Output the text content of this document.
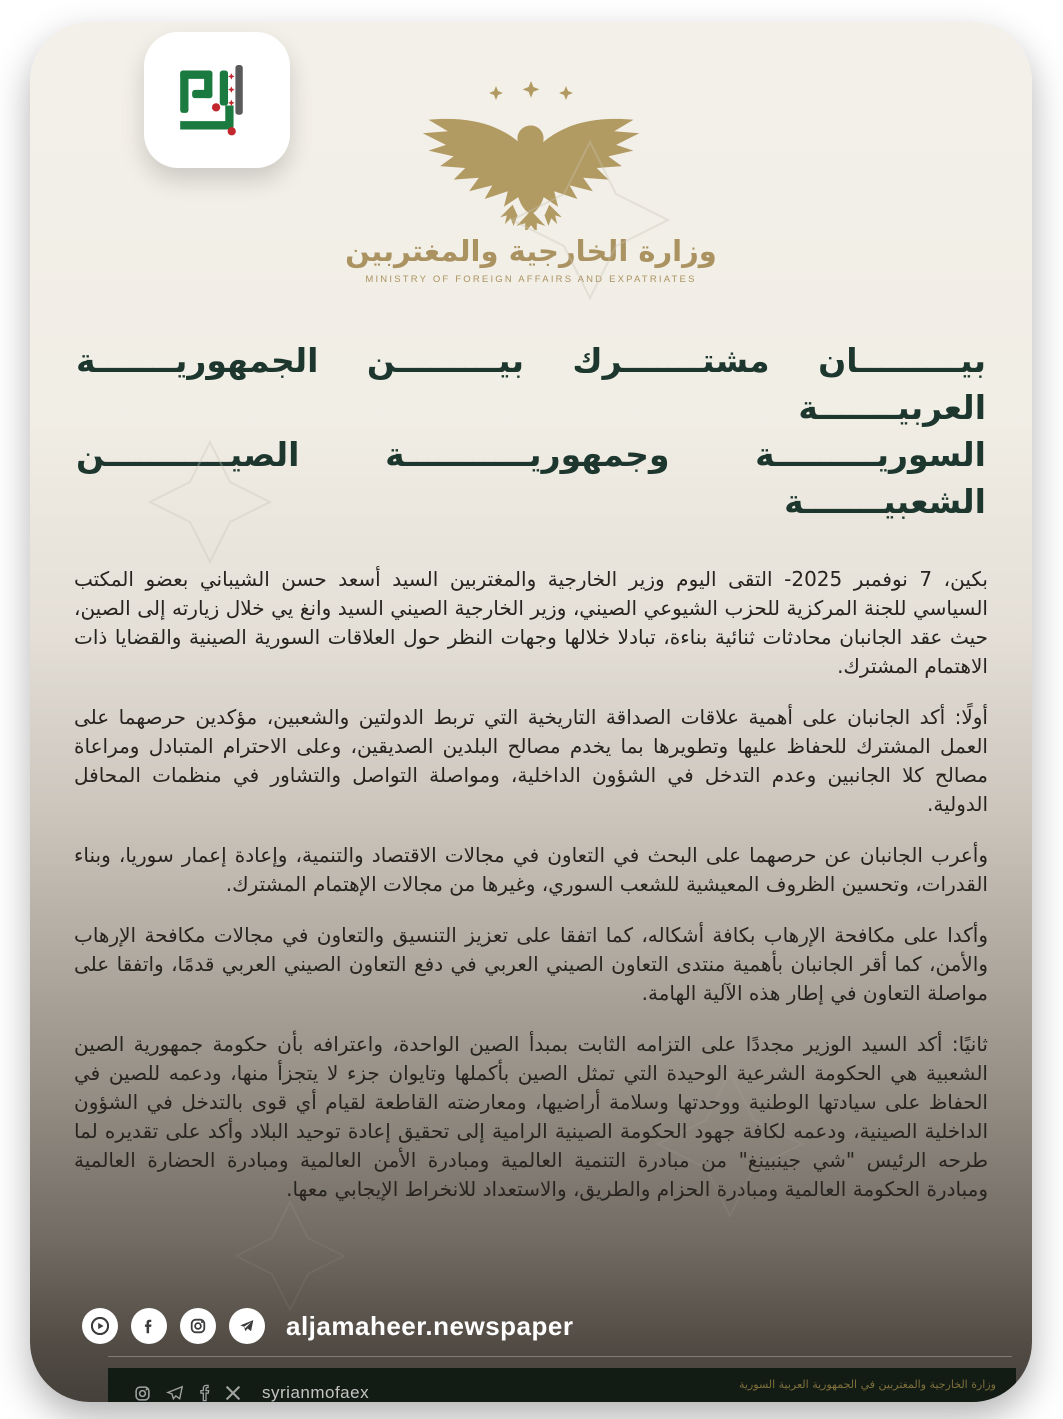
وزارة الخارجية والمغتربين
MINISTRY OF FOREIGN AFFAIRS AND EXPATRIATES
بيـــــــــان مشتـــــــرك بيـــــــــن الجمهوريـــــــة العربيـــــــة
السوريـــــــــة وجمهوريـــــــــــة الصيـــــــــــن الشعبيـــــــة

بكين، 7 نوفمبر 2025- التقى اليوم وزير الخارجية والمغتربين السيد أسعد حسن الشيباني بعضو المكتب السياسي للجنة المركزية للحزب الشيوعي الصيني، وزير الخارجية الصيني السيد وانغ يي خلال زيارته إلى الصين، حيث عقد الجانبان محادثات ثنائية بناءة، تبادلا خلالها وجهات النظر حول العلاقات السورية الصينية والقضايا ذات الاهتمام المشترك.

أولًا: أكد الجانبان على أهمية علاقات الصداقة التاريخية التي تربط الدولتين والشعبين، مؤكدين حرصهما على العمل المشترك للحفاظ عليها وتطويرها بما يخدم مصالح البلدين الصديقين، وعلى الاحترام المتبادل ومراعاة مصالح كلا الجانبين وعدم التدخل في الشؤون الداخلية، ومواصلة التواصل والتشاور في منظمات المحافل الدولية.

وأعرب الجانبان عن حرصهما على البحث في التعاون في مجالات الاقتصاد والتنمية، وإعادة إعمار سوريا، وبناء القدرات، وتحسين الظروف المعيشية للشعب السوري، وغيرها من مجالات الإهتمام المشترك.

وأكدا على مكافحة الإرهاب بكافة أشكاله، كما اتفقا على تعزيز التنسيق والتعاون في مجالات مكافحة الإرهاب والأمن، كما أقر الجانبان بأهمية منتدى التعاون الصيني العربي في دفع التعاون الصيني العربي قدمًا، واتفقا على مواصلة التعاون في إطار هذه الآلية الهامة.

ثانيًا: أكد السيد الوزير مجددًا على التزامه الثابت بمبدأ الصين الواحدة، واعترافه بأن حكومة جمهورية الصين الشعبية هي الحكومة الشرعية الوحيدة التي تمثل الصين بأكملها وتايوان جزء لا يتجزأ منها، ودعمه للصين في الحفاظ على سيادتها الوطنية ووحدتها وسلامة أراضيها، ومعارضته القاطعة لقيام أي قوى بالتدخل في الشؤون الداخلية الصينية، ودعمه لكافة جهود الحكومة الصينية الرامية إلى تحقيق إعادة توحيد البلاد وأكد على تقديره لما طرحه الرئيس "شي جينبينغ" من مبادرة التنمية العالمية ومبادرة الأمن العالمية ومبادرة الحضارة العالمية ومبادرة الحكومة العالمية ومبادرة الحزام والطريق، والاستعداد للانخراط الإيجابي معها.

aljamaheer.newspaper
syrianmofaex	وزارة الخارجية والمغتربين في الجمهورية العربية السورية
